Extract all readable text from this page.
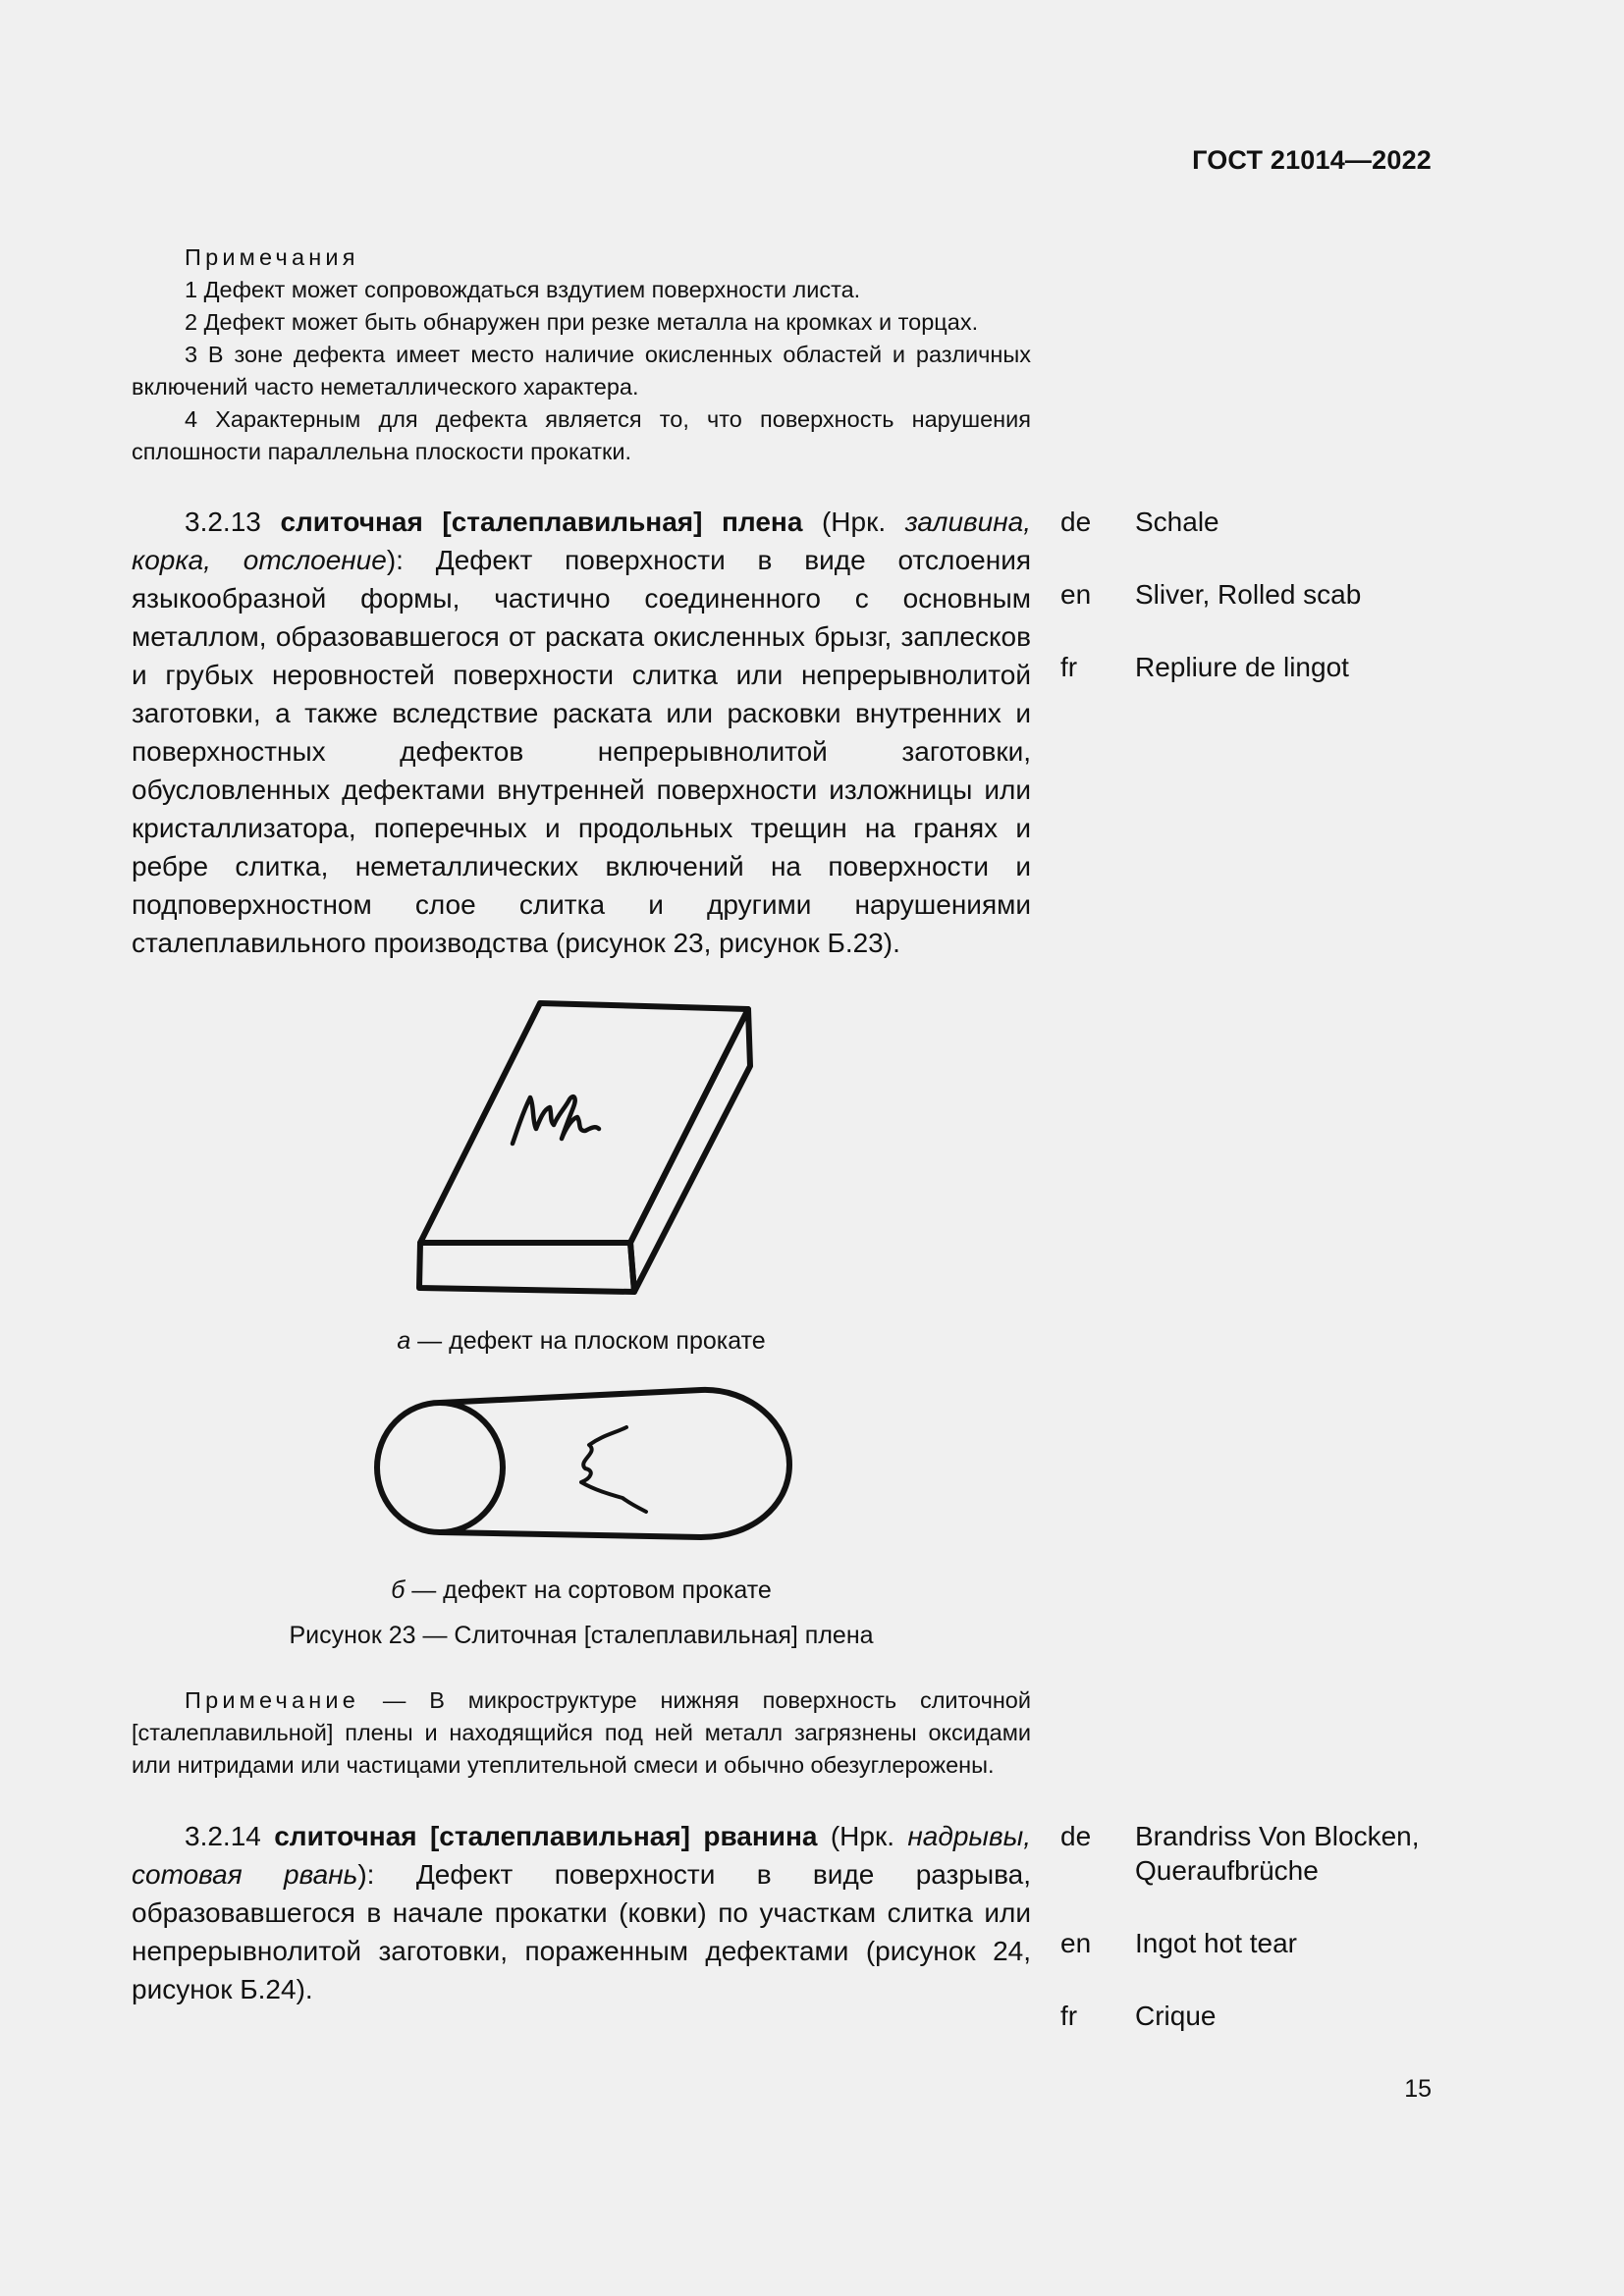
ГОСТ 21014—2022

Примечания

1 Дефект может сопровождаться вздутием поверхности листа.

2 Дефект может быть обнаружен при резке металла на кромках и торцах.

3 В зоне дефекта имеет место наличие окисленных областей и различных включений часто неметаллического характера.

4 Характерным для дефекта является то, что поверхность нарушения сплошности параллельна плоскости прокатки.

3.2.13 слиточная [сталеплавильная] плена (Нрк. заливина, корка, отслоение): Дефект поверхности в виде отслоения языкообразной формы, частично соединенного с основным металлом, образовавшегося от раската окисленных брызг, заплесков и грубых неровностей поверхности слитка или непрерывнолитой заготовки, а также вследствие раската или расковки внутренних и поверхностных дефектов непрерывнолитой заготовки, обусловленных дефектами внутренней поверхности изложницы или кристаллизатора, поперечных и продольных трещин на гранях и ребре слитка, неметаллических включений на поверхности и подповерхностном слое слитка и другими нарушениями сталеплавильного производства (рисунок 23, рисунок Б.23).

de	Schale
en	Sliver, Rolled scab
fr	Repliure de lingot
а — дефект на плоском прокате
б — дефект на сортовом прокате
Рисунок 23 — Слиточная [сталеплавильная] плена

Примечание — В микроструктуре нижняя поверхность слиточной [сталеплавильной] плены и находящийся под ней металл загрязнены оксидами или нитридами или частицами утеплительной смеси и обычно обезуглерожены.

3.2.14 слиточная [сталеплавильная] рванина (Нрк. надрывы, сотовая рвань): Дефект поверхности в виде разрыва, образовавшегося в начале прокатки (ковки) по участкам слитка или непрерывнолитой заготовки, пораженным дефектами (рисунок 24, рисунок Б.24).

de	Brandriss Von Blocken, Queraufbrüche
en	Ingot hot tear
fr	Crique
15
